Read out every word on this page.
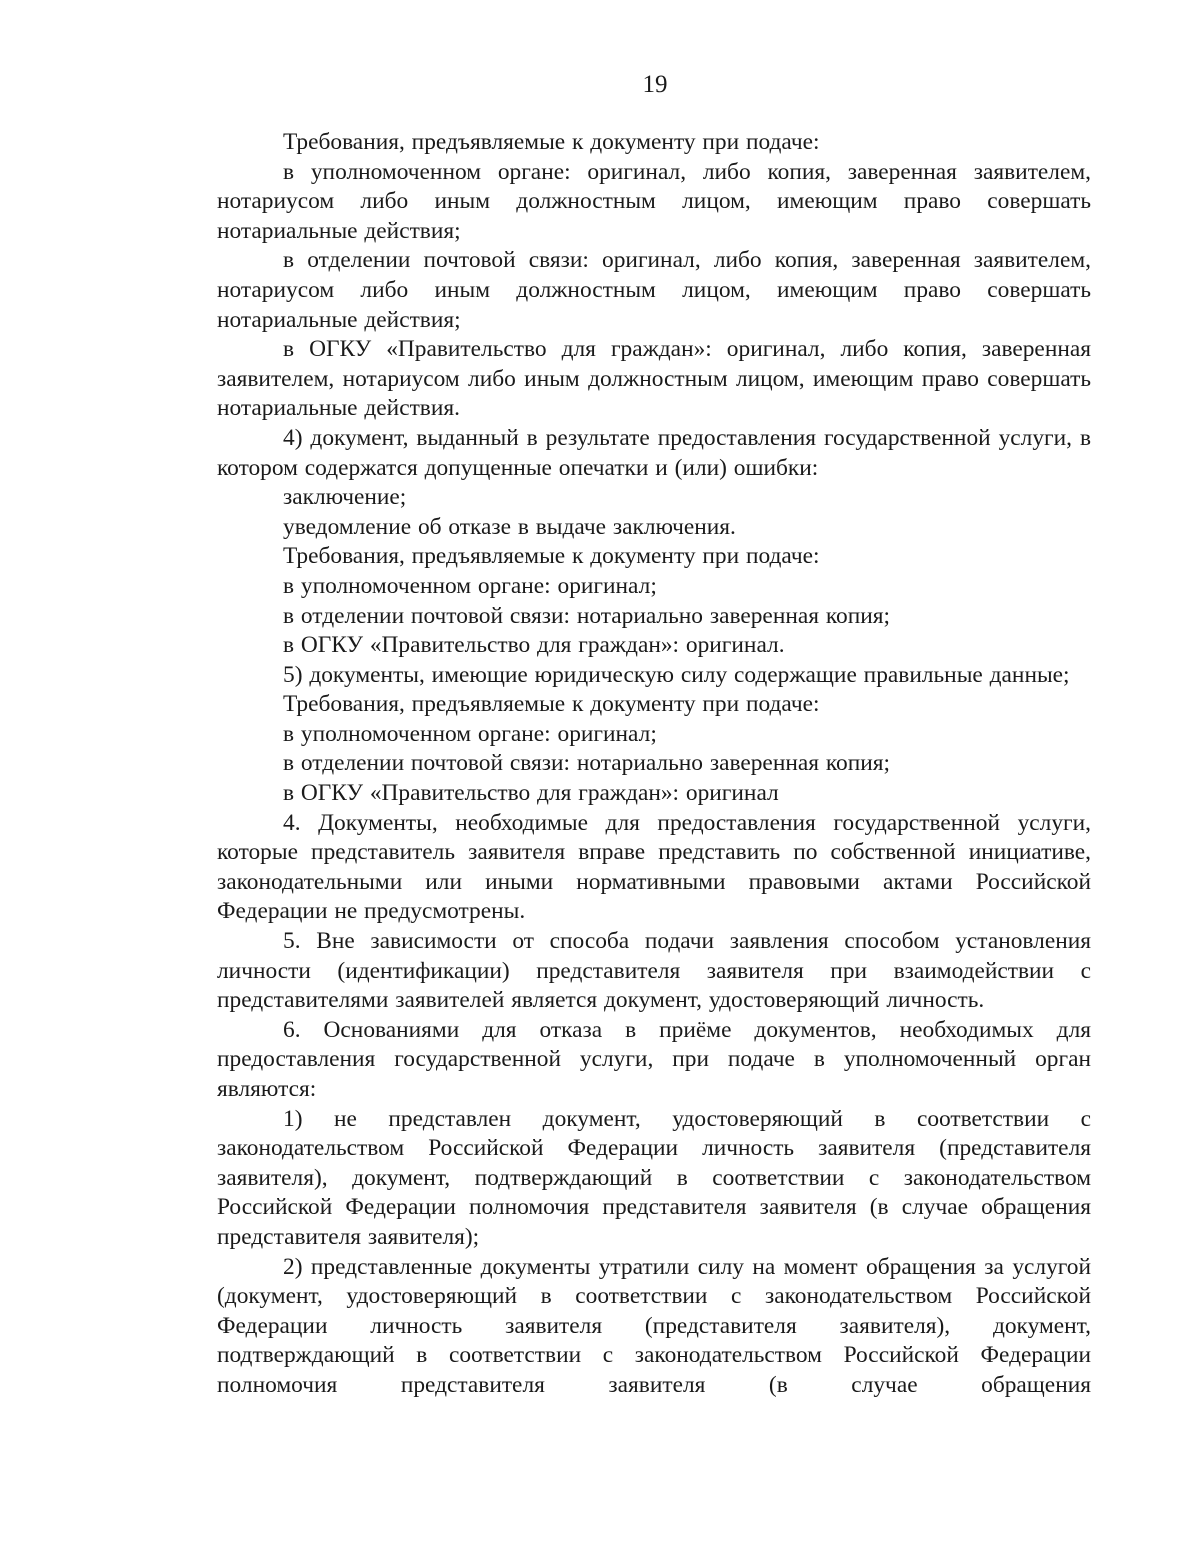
19

Требования, предъявляемые к документу при подаче:

в уполномоченном органе: оригинал, либо копия, заверенная заявителем, нотариусом либо иным должностным лицом, имеющим право совершать нотариальные действия;

в отделении почтовой связи: оригинал, либо копия, заверенная заявителем, нотариусом либо иным должностным лицом, имеющим право совершать нотариальные действия;

в ОГКУ «Правительство для граждан»: оригинал, либо копия, заверенная заявителем, нотариусом либо иным должностным лицом, имеющим право совершать нотариальные действия.

4) документ, выданный в результате предоставления государственной услуги, в котором содержатся допущенные опечатки и (или) ошибки:

заключение;

уведомление об отказе в выдаче заключения.

Требования, предъявляемые к документу при подаче:

в уполномоченном органе: оригинал;

в отделении почтовой связи: нотариально заверенная копия;

в ОГКУ «Правительство для граждан»: оригинал.

5) документы, имеющие юридическую силу содержащие правильные данные;

Требования, предъявляемые к документу при подаче:

в уполномоченном органе: оригинал;

в отделении почтовой связи: нотариально заверенная копия;

в ОГКУ «Правительство для граждан»: оригинал

4. Документы, необходимые для предоставления государственной услуги, которые представитель заявителя вправе представить по собственной инициативе, законодательными или иными нормативными правовыми актами Российской Федерации не предусмотрены.

5. Вне зависимости от способа подачи заявления способом установления личности (идентификации) представителя заявителя при взаимодействии с представителями заявителей является документ, удостоверяющий личность.

6. Основаниями для отказа в приёме документов, необходимых для предоставления государственной услуги, при подаче в уполномоченный орган являются:

1) не представлен документ, удостоверяющий в соответствии с законодательством Российской Федерации личность заявителя (представителя заявителя), документ, подтверждающий в соответствии с законодательством Российской Федерации полномочия представителя заявителя (в случае обращения представителя заявителя);

2) представленные документы утратили силу на момент обращения за услугой (документ, удостоверяющий в соответствии с законодательством Российской Федерации личность заявителя (представителя заявителя), документ, подтверждающий в соответствии с законодательством Российской Федерации полномочия представителя заявителя (в случае обращения
